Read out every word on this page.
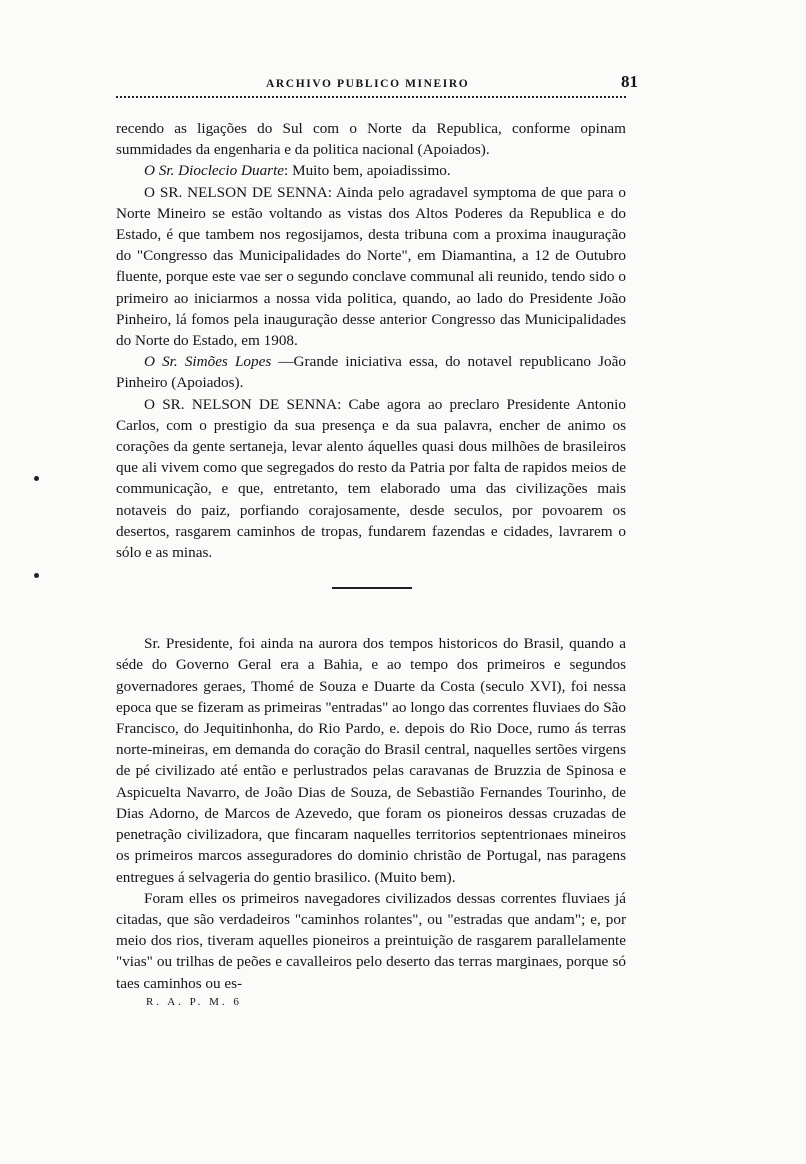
ARCHIVO PUBLICO MINEIRO	81

recendo as ligações do Sul com o Norte da Republica, conforme opinam summidades da engenharia e da politica nacional (Apoiados).

O Sr. Dioclecio Duarte: Muito bem, apoiadissimo.

O SR. NELSON DE SENNA: Ainda pelo agradavel symptoma de que para o Norte Mineiro se estão voltando as vistas dos Altos Poderes da Republica e do Estado, é que tambem nos regosijamos, desta tribuna com a proxima inauguração do "Congresso das Municipalidades do Norte", em Diamantina, a 12 de Outubro fluente, porque este vae ser o segundo conclave communal ali reunido, tendo sido o primeiro ao iniciarmos a nossa vida politica, quando, ao lado do Presidente João Pinheiro, lá fomos pela inauguração desse anterior Congresso das Municipalidades do Norte do Estado, em 1908.

O Sr. Simões Lopes —Grande iniciativa essa, do notavel republicano João Pinheiro (Apoiados).

O SR. NELSON DE SENNA: Cabe agora ao preclaro Presidente Antonio Carlos, com o prestigio da sua presença e da sua palavra, encher de animo os corações da gente sertaneja, levar alento áquelles quasi dous milhões de brasileiros que ali vivem como que segregados do resto da Patria por falta de rapidos meios de communicação, e que, entretanto, tem elaborado uma das civilizações mais notaveis do paiz, porfiando corajosamente, desde seculos, por povoarem os desertos, rasgarem caminhos de tropas, fundarem fazendas e cidades, lavrarem o sólo e as minas.

Sr. Presidente, foi ainda na aurora dos tempos historicos do Brasil, quando a séde do Governo Geral era a Bahia, e ao tempo dos primeiros e segundos governadores geraes, Thomé de Souza e Duarte da Costa (seculo XVI), foi nessa epoca que se fizeram as primeiras "entradas" ao longo das correntes fluviaes do São Francisco, do Jequitinhonha, do Rio Pardo, e. depois do Rio Doce, rumo ás terras norte-mineiras, em demanda do coração do Brasil central, naquelles sertões virgens de pé civilizado até então e perlustrados pelas caravanas de Bruzzia de Spinosa e Aspicuelta Navarro, de João Dias de Souza, de Sebastião Fernandes Tourinho, de Dias Adorno, de Marcos de Azevedo, que foram os pioneiros dessas cruzadas de penetração civilizadora, que fincaram naquelles territorios septentrionaes mineiros os primeiros marcos asseguradores do dominio christão de Portugal, nas paragens entregues á selvageria do gentio brasilico. (Muito bem).

Foram elles os primeiros navegadores civilizados dessas correntes fluviaes já citadas, que são verdadeiros "caminhos rolantes", ou "estradas que andam"; e, por meio dos rios, tiveram aquelles pioneiros a preintuição de rasgarem parallelamente "vias" ou trilhas de peões e cavalleiros pelo deserto das terras marginaes, porque só taes caminhos ou es-

R. A. P. M. 6
